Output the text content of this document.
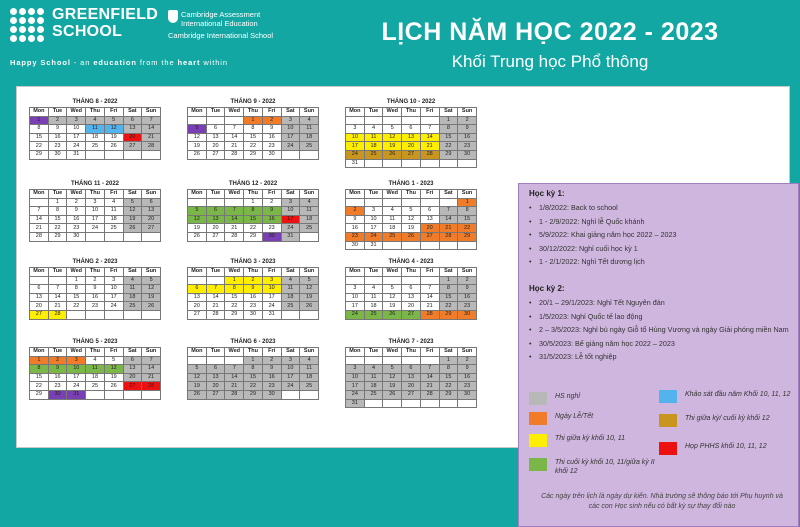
GREENFIELD
SCHOOL
Cambridge Assessment
International Education
Cambridge International School
Happy School - an education from the heart within
LỊCH NĂM HỌC 2022 - 2023
Khối Trung học Phổ thông
THÁNG 8 - 2022
Mon	Tue	Wed	Thu	Fri	Sat	Sun
1	2	3	4	5	6	7
8	9	10	11	12	13	14
15	16	17	18	19	20	21
22	23	24	25	26	27	28
29	30	31				
THÁNG 9 - 2022
Mon	Tue	Wed	Thu	Fri	Sat	Sun
			1	2	3	4
5	6	7	8	9	10	11
12	13	14	15	16	17	18
19	20	21	22	23	24	25
26	27	28	29	30		
THÁNG 10 - 2022
Mon	Tue	Wed	Thu	Fri	Sat	Sun
					1	2
3	4	5	6	7	8	9
10	11	12	13	14	15	16
17	18	19	20	21	22	23
24	25	26	27	28	29	30
31						
THÁNG 11 - 2022
Mon	Tue	Wed	Thu	Fri	Sat	Sun
	1	2	3	4	5	6
7	8	9	10	11	12	13
14	15	16	17	18	19	20
21	22	23	24	25	26	27
28	29	30				
THÁNG 12 - 2022
Mon	Tue	Wed	Thu	Fri	Sat	Sun
			1	2	3	4
5	6	7	8	9	10	11
12	13	14	15	16	17	18
19	20	21	22	23	24	25
26	27	28	29	30	31	
THÁNG 1 - 2023
Mon	Tue	Wed	Thu	Fri	Sat	Sun
						1
2	3	4	5	6	7	8
9	10	11	12	13	14	15
16	17	18	19	20	21	22
23	24	25	26	27	28	29
30	31					
THÁNG 2 - 2023
Mon	Tue	Wed	Thu	Fri	Sat	Sun
		1	2	3	4	5
6	7	8	9	10	11	12
13	14	15	16	17	18	19
20	21	22	23	24	25	26
27	28					
THÁNG 3 - 2023
Mon	Tue	Wed	Thu	Fri	Sat	Sun
		1	2	3	4	5
6	7	8	9	10	11	12
13	14	15	16	17	18	19
20	21	22	23	24	25	26
27	28	29	30	31		
THÁNG 4 - 2023
Mon	Tue	Wed	Thu	Fri	Sat	Sun
					1	2
3	4	5	6	7	8	9
10	11	12	13	14	15	16
17	18	19	20	21	22	23
24	25	26	27	28	29	30
THÁNG 5 - 2023
Mon	Tue	Wed	Thu	Fri	Sat	Sun
1	2	3	4	5	6	7
8	9	10	11	12	13	14
15	16	17	18	19	20	21
22	23	24	25	26	27	28
29	30	31				
THÁNG 6 - 2023
Mon	Tue	Wed	Thu	Fri	Sat	Sun
			1	2	3	4
5	6	7	8	9	10	11
12	13	14	15	16	17	18
19	20	21	22	23	24	25
26	27	28	29	30		
THÁNG 7 - 2023
Mon	Tue	Wed	Thu	Fri	Sat	Sun
					1	2
3	4	5	6	7	8	9
10	11	12	13	14	15	16
17	18	19	20	21	22	23
24	25	26	27	28	29	30
31						
Học kỳ 1:
• 1/8/2022: Back to school
• 1 - 2/9/2022: Nghỉ lễ Quốc khánh
• 5/9/2022: Khai giảng năm học 2022 – 2023
• 30/12/2022: Nghỉ cuối học kỳ 1
• 1 - 2/1/2022: Nghỉ Tết dương lịch
Học kỳ 2:
• 20/1 – 29/1/2023: Nghỉ Tết Nguyên đán
• 1/5/2023: Nghỉ Quốc tế lao động
• 2 – 3/5/2023: Nghỉ bù ngày Giỗ tổ Hùng Vương và ngày Giải phóng miền Nam
• 30/5/2023: Bế giảng năm học 2022 – 2023
• 31/5/2023: Lễ tốt nghiệp
HS nghỉ	Khảo sát đầu năm Khối 10, 11, 12
Ngày Lễ/Tết	Thi giữa kỳ/ cuối kỳ khối 12
Thi giữa kỳ khối 10, 11
Họp PHHS khối 10, 11, 12
Thi cuối kỳ khối 10, 11/giữa kỳ II khối 12
Các ngày trên lịch là ngày dự kiến. Nhà trường sẽ thông báo tới Phụ huynh và các con Học sinh nếu có bất kỳ sự thay đổi nào
